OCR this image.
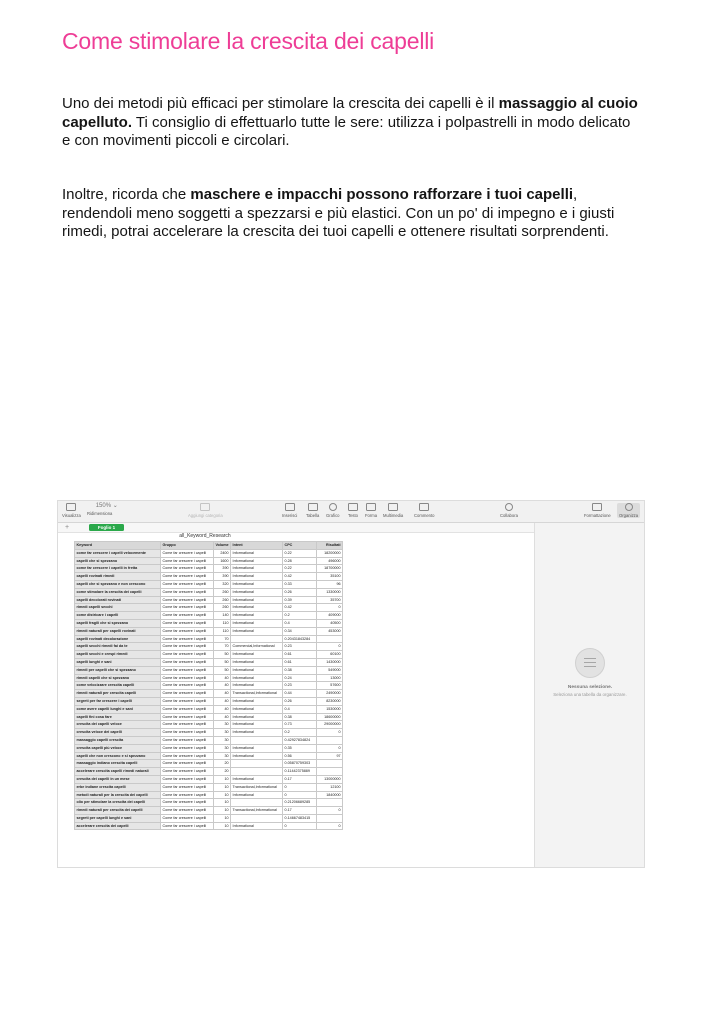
Come stimolare la crescita dei capelli

Uno dei metodi più efficaci per stimolare la crescita dei capelli è il massaggio al cuoio capelluto. Ti consiglio di effettuarlo tutte le sere: utilizza i polpastrelli in modo delicato e con movimenti piccoli e circolari.

Inoltre, ricorda che maschere e impacchi possono rafforzare i tuoi capelli, rendendoli meno soggetti a spezzarsi e più elastici. Con un po' di impegno e i giusti rimedi, potrai accelerare la crescita dei tuoi capelli e ottenere risultati sorprendenti.

Visualizza
150% ⌄
Ridimensiona	Aggiungi categoria	Inserisci Tabella Grafico Testo Forma Multimedia	Commento	Collabora	Formattazione	Organizza
+	Foglio 1
all_Keyword_Research
Keyword	Gruppo	Volume	Intent	CPC	Risultati
come far crescere i capelli velocemente	Come far crescere i capelli	2400	Informational	0.22	18200000
capelli che si spezzano	Come far crescere i capelli	1600	Informational	0.28	496000
come far crescere i capelli in fretta	Come far crescere i capelli	390	Informational	0.22	18700000
capelli rovinati rimedi	Come far crescere i capelli	390	Informational	0.42	35100
capelli che si spezzano e non crescono	Come far crescere i capelli	320	Informational	0.33	96
come stimolare la crescita dei capelli	Come far crescere i capelli	260	Informational	0.26	1330000
capelli decolorati rovinati	Come far crescere i capelli	260	Informational	0.39	35700
rimedi capelli secchi	Come far crescere i capelli	260	Informational	0.42	0
come districare i capelli	Come far crescere i capelli	140	Informational	0.2	409000
capelli fragili che si spezzano	Come far crescere i capelli	110	Informational	0.4	40500
rimedi naturali per capelli rovinati	Come far crescere i capelli	110	Informational	0.34	453000
capelli rovinati decolorazione	Come far crescere i capelli	70		0.20431843284	
capelli secchi rimedi fai da te	Come far crescere i capelli	70	Commercial,Informational	0.23	0
capelli secchi e crespi rimedi	Come far crescere i capelli	50	Informational	0.61	60100
capelli lunghi e sani	Come far crescere i capelli	50	Informational	0.61	1430000
rimedi per capelli che si spezzano	Come far crescere i capelli	50	Informational	0.38	549000
rimedi capelli che si spezzano	Come far crescere i capelli	40	Informational	0.24	13000
come velocizzare crescita capelli	Come far crescere i capelli	40	Informational	0.23	57600
rimedi naturali per crescita capelli	Come far crescere i capelli	40	Transactional,Informational	0.44	2490000
segreti per far crescere i capelli	Come far crescere i capelli	40	Informational	0.26	8230000
come avere capelli lunghi e sani	Come far crescere i capelli	40	Informational	0.4	1530000
capelli fini cosa fare	Come far crescere i capelli	40	Informational	0.38	18600000
crescita dei capelli veloce	Come far crescere i capelli	30	Informational	0.73	29000000
crescita veloce dei capelli	Come far crescere i capelli	30	Informational	0.2	0
massaggio capelli crescita	Come far crescere i capelli	30		0.42927834824	
crescita capelli più veloce	Come far crescere i capelli	30	Informational	0.35	0
capelli che non crescono e si spezzano	Come far crescere i capelli	30	Informational	0.56	97
massaggio indiano crescita capelli	Come far crescere i capelli	20		0.05870759303	
accelerare crescita capelli rimedi naturali	Come far crescere i capelli	20		0.11442375889	
crescita dei capelli in un mese	Come far crescere i capelli	10	Informational	0.17	13000000
erbe indiane crescita capelli	Come far crescere i capelli	10	Transactional,Informational	0	12100
metodi naturali per la crescita dei capelli	Come far crescere i capelli	10	Informational	0	1840000
olio per stimolare la crescita dei capelli	Come far crescere i capelli	10		0.21206689285	
rimedi naturali per crescita dei capelli	Come far crescere i capelli	10	Transactional,Informational	0.17	0
segreti per capelli lunghi e sani	Come far crescere i capelli	10		0.14667483415	
accelerare crescita dei capelli	Come far crescere i capelli	10	Informational	0	0
Nessuna selezione.
Seleziona una tabella da organizzare.
